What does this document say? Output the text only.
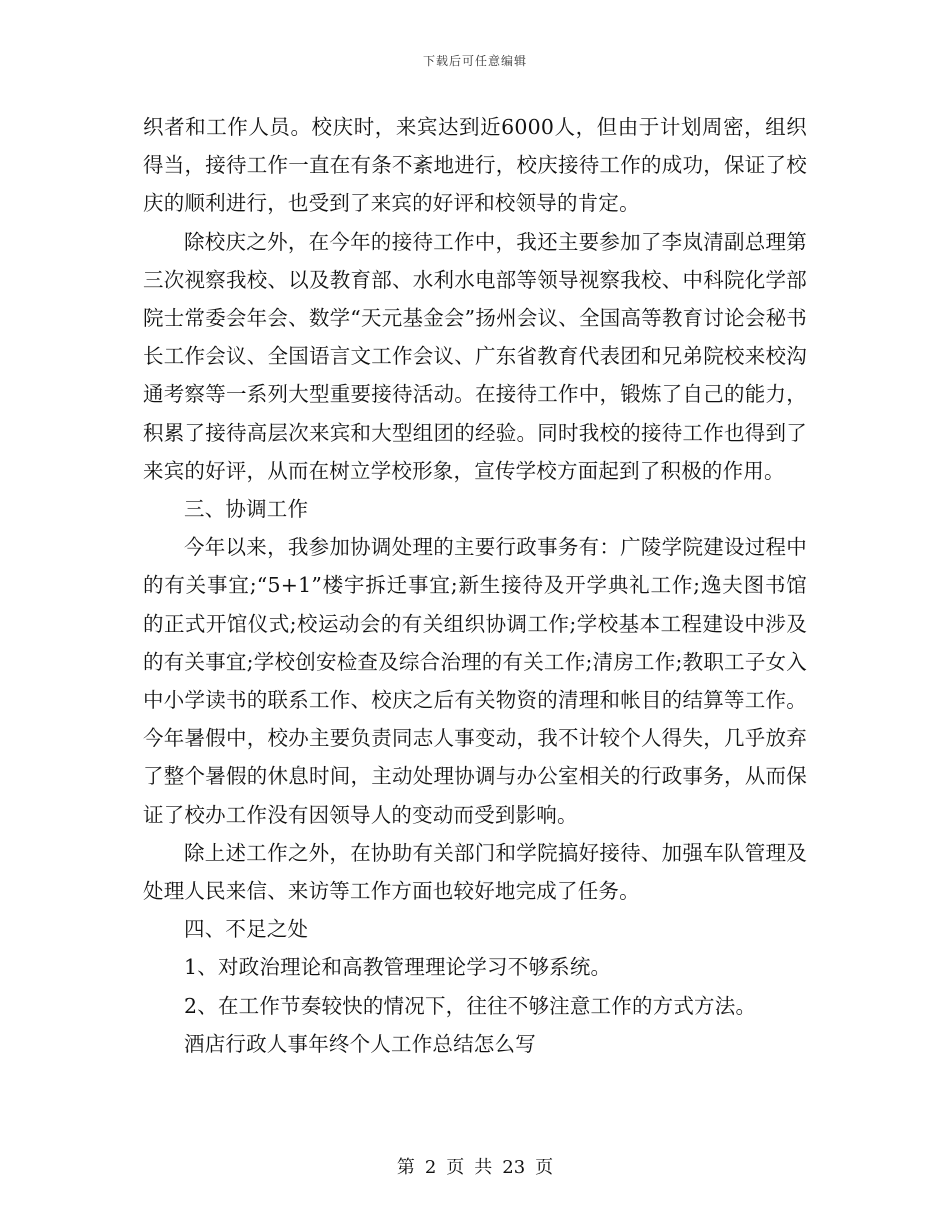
下载后可任意编辑

织者和工作人员。校庆时，来宾达到近6000人，但由于计划周密，组织得当，接待工作一直在有条不紊地进行，校庆接待工作的成功，保证了校庆的顺利进行，也受到了来宾的好评和校领导的肯定。

除校庆之外，在今年的接待工作中，我还主要参加了李岚清副总理第三次视察我校、以及教育部、水利水电部等领导视察我校、中科院化学部院士常委会年会、数学“天元基金会”扬州会议、全国高等教育讨论会秘书长工作会议、全国语言文工作会议、广东省教育代表团和兄弟院校来校沟通考察等一系列大型重要接待活动。在接待工作中，锻炼了自己的能力，积累了接待高层次来宾和大型组团的经验。同时我校的接待工作也得到了来宾的好评，从而在树立学校形象，宣传学校方面起到了积极的作用。

三、协调工作

今年以来，我参加协调处理的主要行政事务有：广陵学院建设过程中的有关事宜;“5+1”楼宇拆迁事宜;新生接待及开学典礼工作;逸夫图书馆的正式开馆仪式;校运动会的有关组织协调工作;学校基本工程建设中涉及的有关事宜;学校创安检查及综合治理的有关工作;清房工作;教职工子女入中小学读书的联系工作、校庆之后有关物资的清理和帐目的结算等工作。今年暑假中，校办主要负责同志人事变动，我不计较个人得失，几乎放弃了整个暑假的休息时间，主动处理协调与办公室相关的行政事务，从而保证了校办工作没有因领导人的变动而受到影响。

除上述工作之外，在协助有关部门和学院搞好接待、加强车队管理及处理人民来信、来访等工作方面也较好地完成了任务。

四、不足之处

1、对政治理论和高教管理理论学习不够系统。

2、在工作节奏较快的情况下，往往不够注意工作的方式方法。

酒店行政人事年终个人工作总结怎么写

第 2 页 共 23 页
